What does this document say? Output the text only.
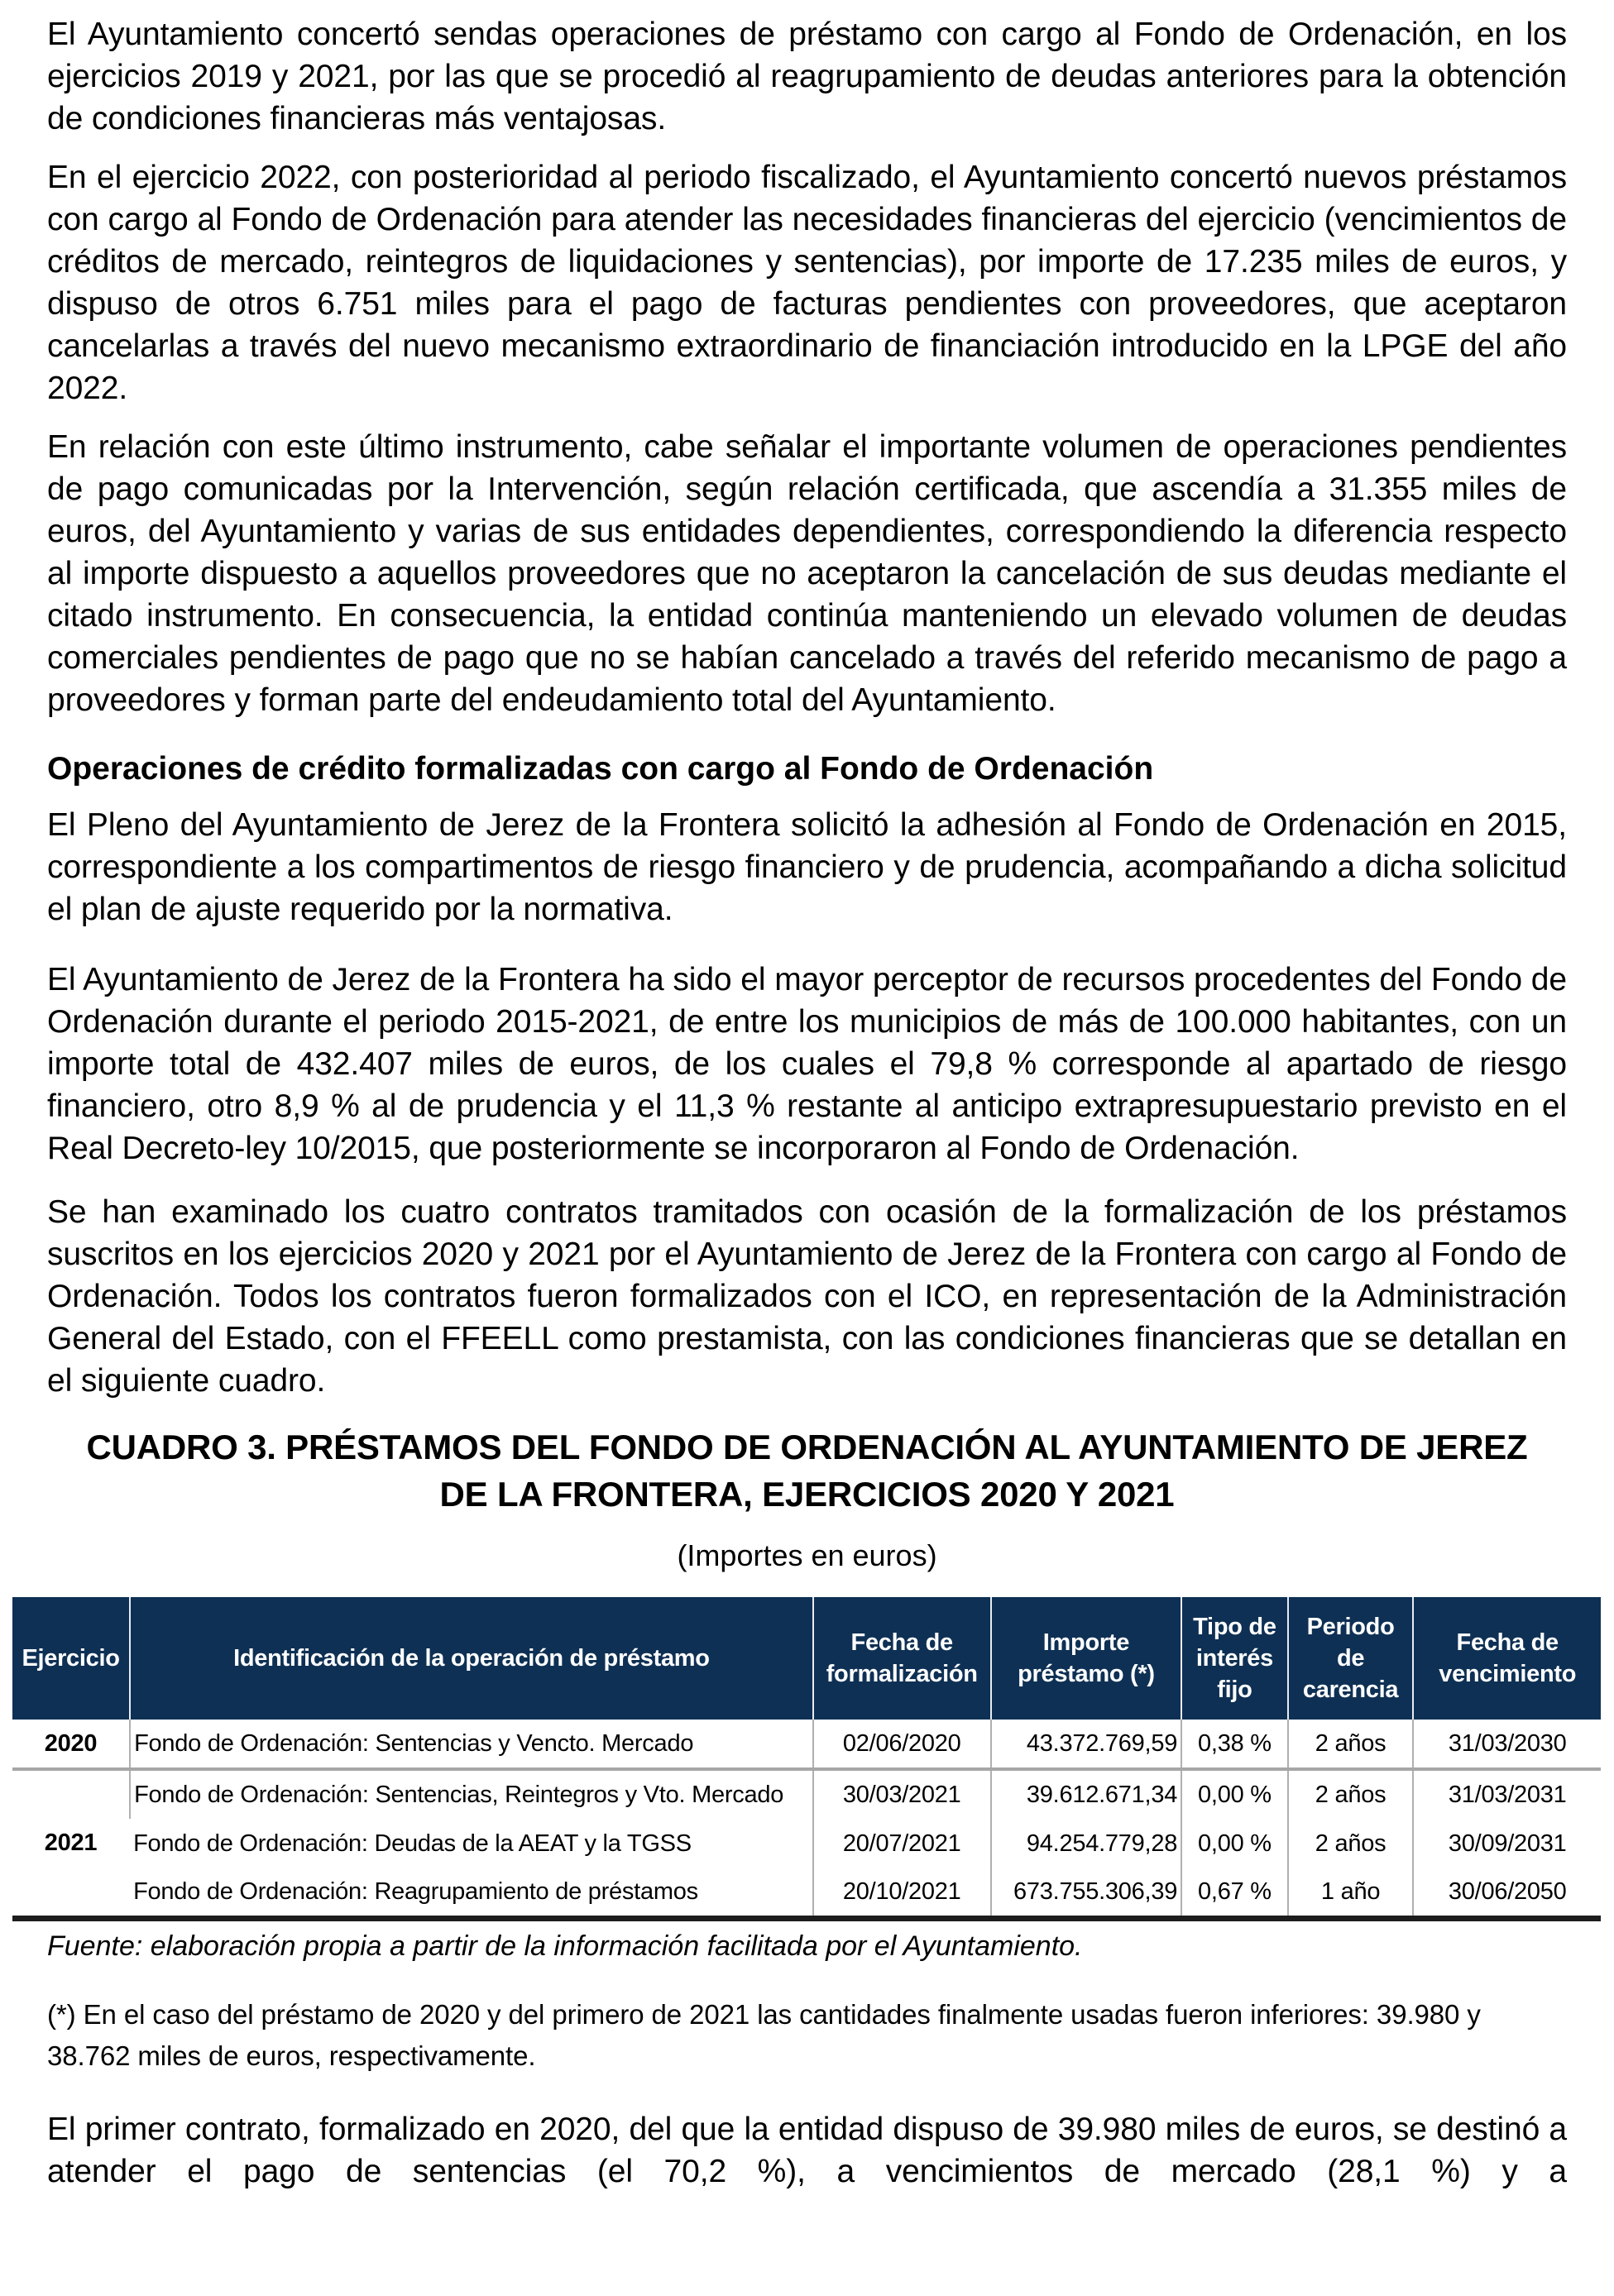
El Ayuntamiento concertó sendas operaciones de préstamo con cargo al Fondo de Ordenación, en los ejercicios 2019 y 2021, por las que se procedió al reagrupamiento de deudas anteriores para la obtención de condiciones financieras más ventajosas.

En el ejercicio 2022, con posterioridad al periodo fiscalizado, el Ayuntamiento concertó nuevos préstamos con cargo al Fondo de Ordenación para atender las necesidades financieras del ejercicio (vencimientos de créditos de mercado, reintegros de liquidaciones y sentencias), por importe de 17.235 miles de euros, y dispuso de otros 6.751 miles para el pago de facturas pendientes con proveedores, que aceptaron cancelarlas a través del nuevo mecanismo extraordinario de financiación introducido en la LPGE del año 2022.

En relación con este último instrumento, cabe señalar el importante volumen de operaciones pendientes de pago comunicadas por la Intervención, según relación certificada, que ascendía a 31.355 miles de euros, del Ayuntamiento y varias de sus entidades dependientes, correspondiendo la diferencia respecto al importe dispuesto a aquellos proveedores que no aceptaron la cancelación de sus deudas mediante el citado instrumento. En consecuencia, la entidad continúa manteniendo un elevado volumen de deudas comerciales pendientes de pago que no se habían cancelado a través del referido mecanismo de pago a proveedores y forman parte del endeudamiento total del Ayuntamiento.

Operaciones de crédito formalizadas con cargo al Fondo de Ordenación

El Pleno del Ayuntamiento de Jerez de la Frontera solicitó la adhesión al Fondo de Ordenación en 2015, correspondiente a los compartimentos de riesgo financiero y de prudencia, acompañando a dicha solicitud el plan de ajuste requerido por la normativa.

El Ayuntamiento de Jerez de la Frontera ha sido el mayor perceptor de recursos procedentes del Fondo de Ordenación durante el periodo 2015-2021, de entre los municipios de más de 100.000 habitantes, con un importe total de 432.407 miles de euros, de los cuales el 79,8 % corresponde al apartado de riesgo financiero, otro 8,9 % al de prudencia y el 11,3 % restante al anticipo extrapresupuestario previsto en el Real Decreto-ley 10/2015, que posteriormente se incorporaron al Fondo de Ordenación.

Se han examinado los cuatro contratos tramitados con ocasión de la formalización de los préstamos suscritos en los ejercicios 2020 y 2021 por el Ayuntamiento de Jerez de la Frontera con cargo al Fondo de Ordenación. Todos los contratos fueron formalizados con el ICO, en representación de la Administración General del Estado, con el FFEELL como prestamista, con las condiciones financieras que se detallan en el siguiente cuadro.

CUADRO 3. PRÉSTAMOS DEL FONDO DE ORDENACIÓN AL AYUNTAMIENTO DE JEREZ
DE LA FRONTERA, EJERCICIOS 2020 Y 2021
(Importes en euros)
Ejercicio	Identificación de la operación de préstamo	Fecha de formalización	Importe préstamo (*)	Tipo de interés fijo	Periodo de carencia	Fecha de vencimiento
2020	Fondo de Ordenación: Sentencias y Vencto. Mercado	02/06/2020	43.372.769,59	0,38 %	2 años	31/03/2030
2021	Fondo de Ordenación: Sentencias, Reintegros y Vto. Mercado	30/03/2021	39.612.671,34	0,00 %	2 años	31/03/2031
	Fondo de Ordenación: Deudas de la AEAT y la TGSS	20/07/2021	94.254.779,28	0,00 %	2 años	30/09/2031
	Fondo de Ordenación: Reagrupamiento de préstamos	20/10/2021	673.755.306,39	0,67 %	1 año	30/06/2050
Fuente: elaboración propia a partir de la información facilitada por el Ayuntamiento.
(*) En el caso del préstamo de 2020 y del primero de 2021 las cantidades finalmente usadas fueron inferiores: 39.980 y 38.762 miles de euros, respectivamente.

El primer contrato, formalizado en 2020, del que la entidad dispuso de 39.980 miles de euros, se destinó a atender el pago de sentencias (el 70,2 %), a vencimientos de mercado (28,1 %) y a
